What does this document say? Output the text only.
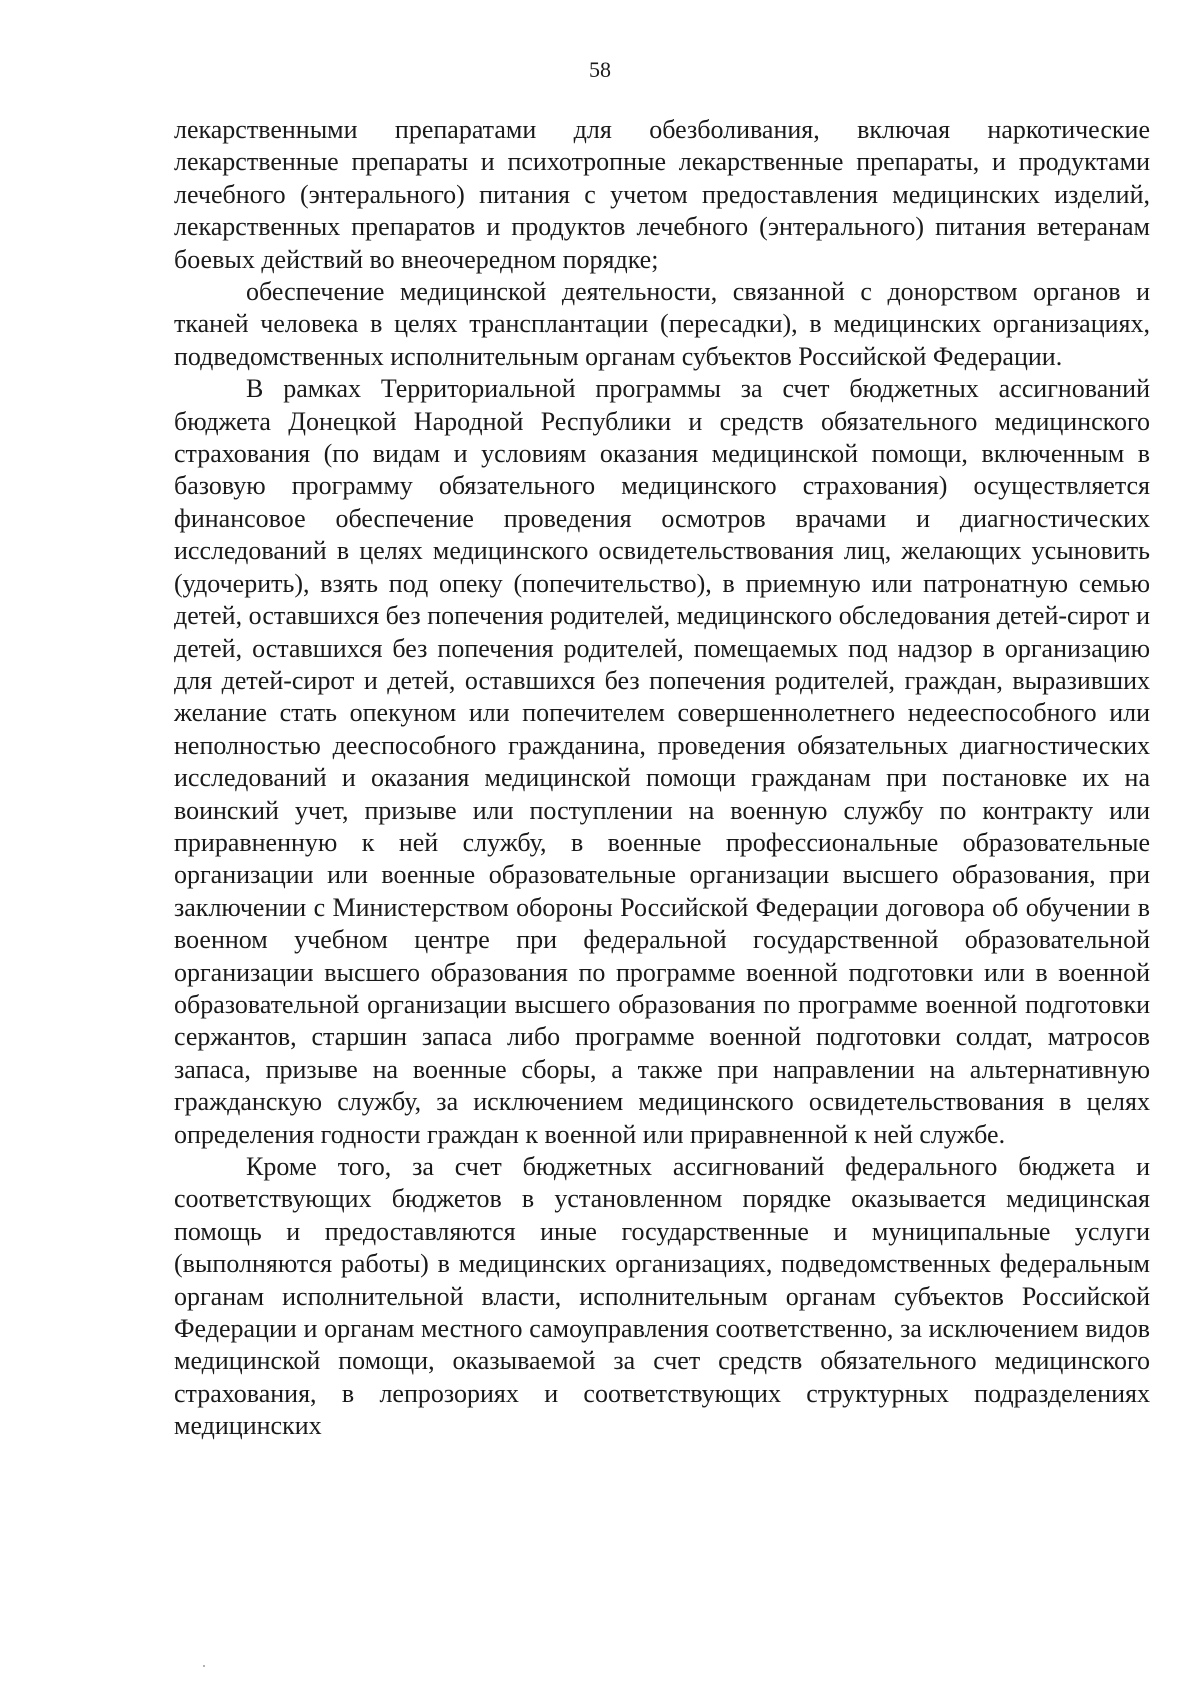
58

лекарственными препаратами для обезболивания, включая наркотические лекарственные препараты и психотропные лекарственные препараты, и продуктами лечебного (энтерального) питания с учетом предоставления медицинских изделий, лекарственных препаратов и продуктов лечебного (энтерального) питания ветеранам боевых действий во внеочередном порядке;

обеспечение медицинской деятельности, связанной с донорством органов и тканей человека в целях трансплантации (пересадки), в медицинских организациях, подведомственных исполнительным органам субъектов Российской Федерации.

В рамках Территориальной программы за счет бюджетных ассигнований бюджета Донецкой Народной Республики и средств обязательного медицинского страхования (по видам и условиям оказания медицинской помощи, включенным в базовую программу обязательного медицинского страхования) осуществляется финансовое обеспечение проведения осмотров врачами и диагностических исследований в целях медицинского освидетельствования лиц, желающих усыновить (удочерить), взять под опеку (попечительство), в приемную или патронатную семью детей, оставшихся без попечения родителей, медицинского обследования детей-сирот и детей, оставшихся без попечения родителей, помещаемых под надзор в организацию для детей-сирот и детей, оставшихся без попечения родителей, граждан, выразивших желание стать опекуном или попечителем совершеннолетнего недееспособного или неполностью дееспособного гражданина, проведения обязательных диагностических исследований и оказания медицинской помощи гражданам при постановке их на воинский учет, призыве или поступлении на военную службу по контракту или приравненную к ней службу, в военные профессиональные образовательные организации или военные образовательные организации высшего образования, при заключении с Министерством обороны Российской Федерации договора об обучении в военном учебном центре при федеральной государственной образовательной организации высшего образования по программе военной подготовки или в военной образовательной организации высшего образования по программе военной подготовки сержантов, старшин запаса либо программе военной подготовки солдат, матросов запаса, призыве на военные сборы, а также при направлении на альтернативную гражданскую службу, за исключением медицинского освидетельствования в целях определения годности граждан к военной или приравненной к ней службе.

Кроме того, за счет бюджетных ассигнований федерального бюджета и соответствующих бюджетов в установленном порядке оказывается медицинская помощь и предоставляются иные государственные и муниципальные услуги (выполняются работы) в медицинских организациях, подведомственных федеральным органам исполнительной власти, исполнительным органам субъектов Российской Федерации и органам местного самоуправления соответственно, за исключением видов медицинской помощи, оказываемой за счет средств обязательного медицинского страхования, в лепрозориях и соответствующих структурных подразделениях медицинских
